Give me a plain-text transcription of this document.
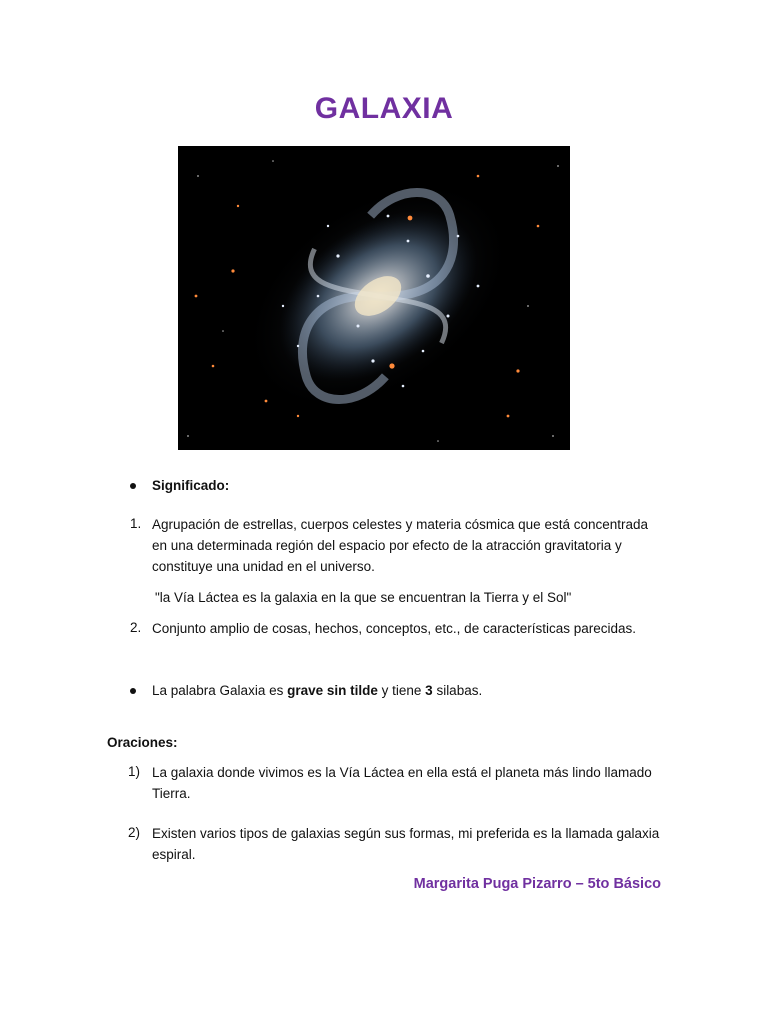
GALAXIA
Significado:
1. Agrupación de estrellas, cuerpos celestes y materia cósmica que está concentrada en una determinada región del espacio por efecto de la atracción gravitatoria y constituye una unidad en el universo.
"la Vía Láctea es la galaxia en la que se encuentran la Tierra y el Sol"
2. Conjunto amplio de cosas, hechos, conceptos, etc., de características parecidas.
La palabra Galaxia es grave sin tilde y tiene 3 silabas.
Oraciones:
1) La galaxia donde vivimos es la Vía Láctea en ella está el planeta más lindo llamado Tierra.
2) Existen varios tipos de galaxias según sus formas, mi preferida es la llamada galaxia espiral.
Margarita Puga Pizarro – 5to Básico
